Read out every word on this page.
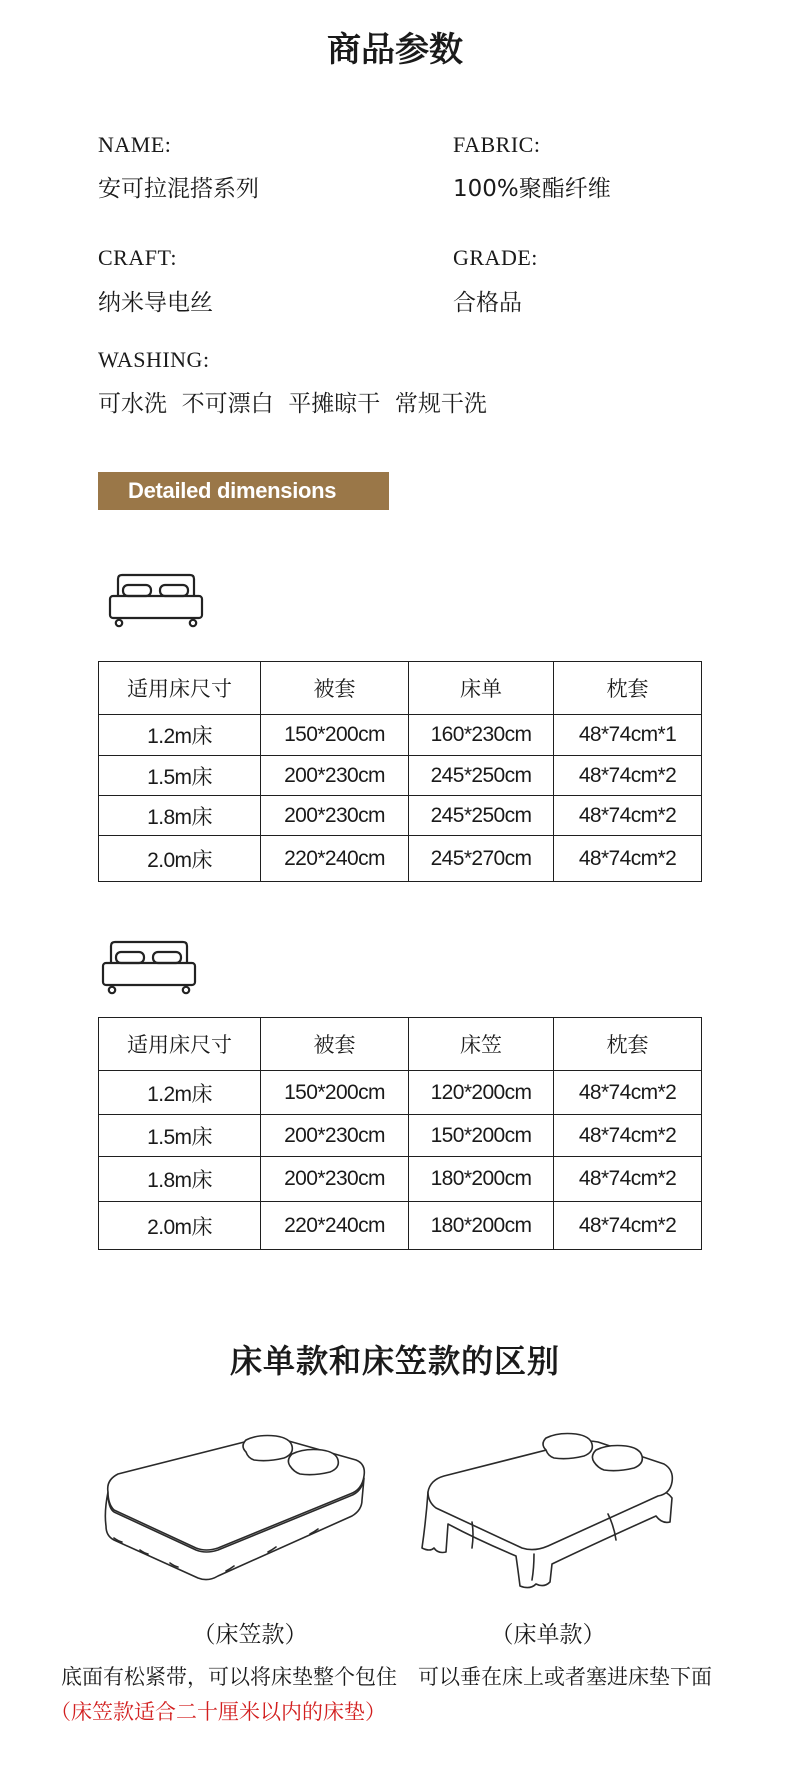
商品参数
NAME:
安可拉混搭系列
FABRIC:
100%聚酯纤维
CRAFT:
纳米导电丝
GRADE:
合格品
WASHING:
可水洗  不可漂白  平摊晾干  常规干洗
Detailed dimensions
适用床尺寸	被套	床单	枕套
1.2m床	150*200cm	160*230cm	48*74cm*1
1.5m床	200*230cm	245*250cm	48*74cm*2
1.8m床	200*230cm	245*250cm	48*74cm*2
2.0m床	220*240cm	245*270cm	48*74cm*2
适用床尺寸	被套	床笠	枕套
1.2m床	150*200cm	120*200cm	48*74cm*2
1.5m床	200*230cm	150*200cm	48*74cm*2
1.8m床	200*230cm	180*200cm	48*74cm*2
2.0m床	220*240cm	180*200cm	48*74cm*2
床单款和床笠款的区别
（床笠款）	（床单款）
底面有松紧带，可以将床垫整个包住 可以垂在床上或者塞进床垫下面
（床笠款适合二十厘米以内的床垫）
